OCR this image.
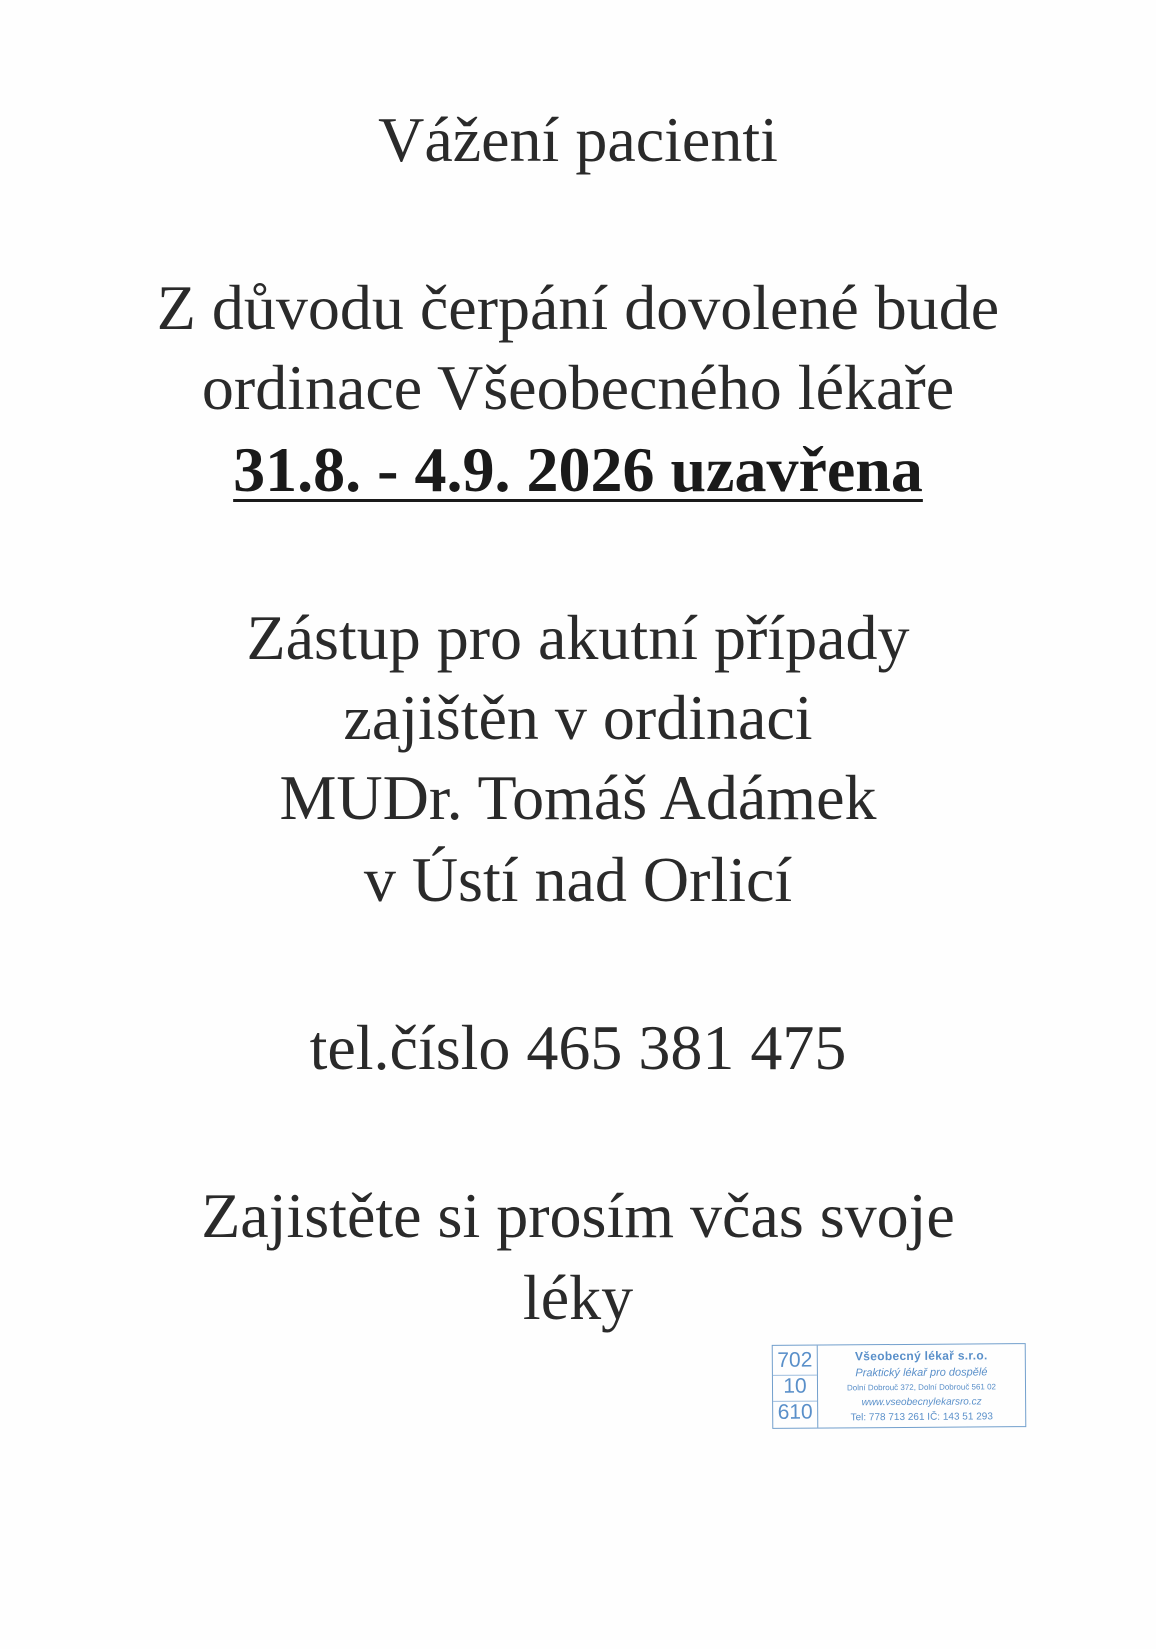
Vážení pacienti
Z důvodu čerpání dovolené bude
ordinace Všeobecného lékaře
31.8. - 4.9. 2026 uzavřena
Zástup pro akutní případy
zajištěn v ordinaci
MUDr. Tomáš Adámek
v Ústí nad Orlicí
tel.číslo 465 381 475
Zajistěte si prosím včas svoje
léky
702
10
610
Všeobecný lékař s.r.o.
Praktický lékař pro dospělé
Dolní Dobrouč 372, Dolní Dobrouč 561 02
www.vseobecnylekarsro.cz
Tel: 778 713 261 IČ: 143 51 293
